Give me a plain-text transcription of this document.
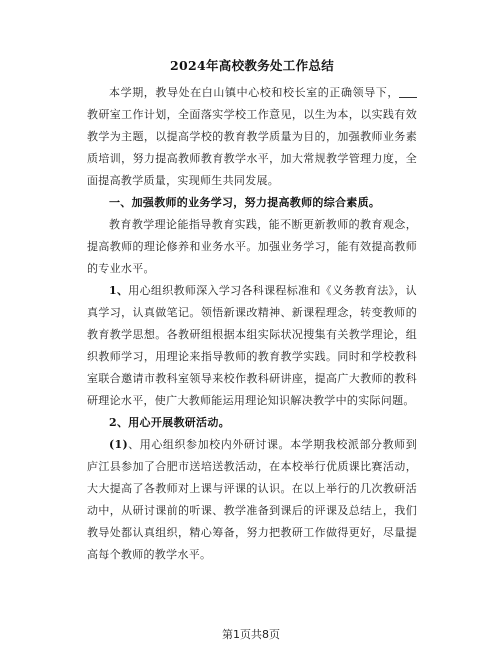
2024年高校教务处工作总结

本学期，教导处在白山镇中心校和校长室的正确领导下，教研室工作计划，全面落实学校工作意见，以生为本，以实践有效教学为主题，以提高学校的教育教学质量为目的，加强教师业务素质培训，努力提高教师教育教学水平，加大常规教学管理力度，全面提高教学质量，实现师生共同发展。

一、加强教师的业务学习，努力提高教师的综合素质。

教育教学理论能指导教育实践，能不断更新教师的教育观念，提高教师的理论修养和业务水平。加强业务学习，能有效提高教师的专业水平。

1、用心组织教师深入学习各科课程标准和《义务教育法》，认真学习，认真做笔记。领悟新课改精神、新课程理念，转变教师的教育教学思想。各教研组根据本组实际状况搜集有关教学理论，组织教师学习，用理论来指导教师的教育教学实践。同时和学校教科室联合邀请市教科室领导来校作教科研讲座，提高广大教师的教科研理论水平，使广大教师能运用理论知识解决教学中的实际问题。

2、用心开展教研活动。

(1)、用心组织参加校内外研讨课。本学期我校派部分教师到庐江县参加了合肥市送培送教活动，在本校举行优质课比赛活动，大大提高了各教师对上课与评课的认识。在以上举行的几次教研活动中，从研讨课前的听课、教学准备到课后的评课及总结上，我们教导处都认真组织，精心筹备，努力把教研工作做得更好，尽量提高每个教师的教学水平。

第1页共8页
